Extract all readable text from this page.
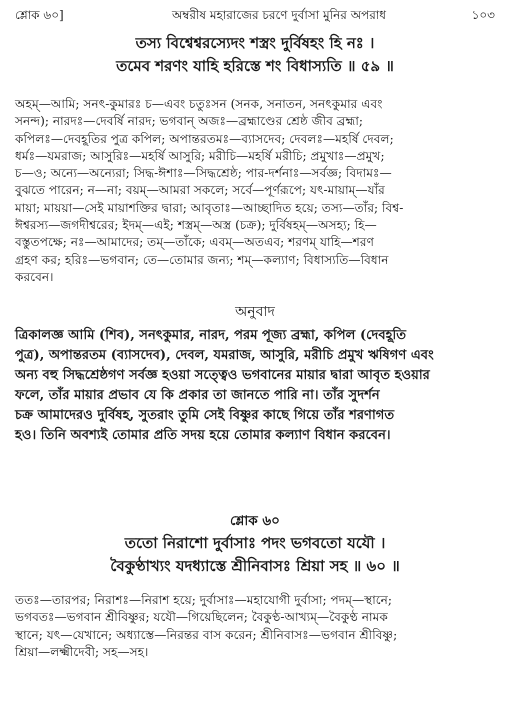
শ্লোক ৬০]	অম্বরীষ মহারাজের চরণে দুর্বাসা মুনির অপরাধ	১০৩
তস্য বিশ্বেশ্বরস্যেদং শস্ত্রং দুর্বিষহং হি নঃ ।
তমেব শরণং যাহি হরিস্তে শং বিধাস্যতি ॥ ৫৯ ॥
অহম্—আমি; সনৎ-কুমারঃ চ—এবং চতুঃসন (সনক, সনাতন, সনৎকুমার এবং
সনন্দ); নারদঃ—দেবর্ষি নারদ; ভগবান্ অজঃ—ব্রহ্মাণ্ডের শ্রেষ্ঠ জীব ব্রহ্মা;
কপিলঃ—দেবহূতির পুত্র কপিল; অপান্তরতমঃ—ব্যাসদেব; দেবলঃ—মহর্ষি দেবল;
ধর্মঃ—যমরাজ; আসুরিঃ—মহর্ষি আসুরি; মরীচি—মহর্ষি মরীচি; প্রমুখাঃ—প্রমুখ;
চ—ও; অন্যে—অন্যেরা; সিদ্ধ-ঈশাঃ—সিদ্ধশ্রেষ্ঠ; পার-দর্শনাঃ—সর্বজ্ঞ; বিদামঃ—
বুঝতে পারেন; ন—না; বয়ম্—আমরা সকলে; সর্বে—পূর্ণরূপে; যৎ-মায়াম্—যাঁর
মায়া; মায়য়া—সেই মায়াশক্তির দ্বারা; আবৃতাঃ—আচ্ছাদিত হয়ে; তস্য—তাঁর; বিশ্ব-
ঈশ্বরস্য—জগদীশ্বরের; ইদম্—এই; শস্ত্রম্—অস্ত্র (চক্র); দুর্বিষহম্—অসহ্য; হি—
বস্তুতপক্ষে; নঃ—আমাদের; তম্—তাঁকে; এবম্—অতএব; শরণম্ যাহি—শরণ
গ্রহণ কর; হরিঃ—ভগবান; তে—তোমার জন্য; শম্—কল্যাণ; বিধাস্যতি—বিধান
করবেন।
অনুবাদ
ত্রিকালজ্ঞ আমি (শিব), সনৎকুমার, নারদ, পরম পূজ্য ব্রহ্মা, কপিল (দেবহূতি
পুত্র), অপান্তরতম (ব্যাসদেব), দেবল, যমরাজ, আসুরি, মরীচি প্রমুখ ঋষিগণ এবং
অন্য বহু সিদ্ধশ্রেষ্ঠগণ সর্বজ্ঞ হওয়া সত্ত্বেও ভগবানের মায়ার দ্বারা আবৃত হওয়ার
ফলে, তাঁর মায়ার প্রভাব যে কি প্রকার তা জানতে পারি না। তাঁর সুদর্শন
চক্র আমাদেরও দুর্বিষহ, সুতরাং তুমি সেই বিষ্ণুর কাছে গিয়ে তাঁর শরণাগত
হও। তিনি অবশ্যই তোমার প্রতি সদয় হয়ে তোমার কল্যাণ বিধান করবেন।
শ্লোক ৬০
ততো নিরাশো দুর্বাসাঃ পদং ভগবতো যযৌ ।
বৈকুণ্ঠাখ্যং যদধ্যাস্তে শ্রীনিবাসঃ শ্রিয়া সহ ॥ ৬০ ॥
ততঃ—তারপর; নিরাশঃ—নিরাশ হয়ে; দুর্বাসাঃ—মহাযোগী দুর্বাসা; পদম্—স্থানে;
ভগবতঃ—ভগবান শ্রীবিষ্ণুর; যযৌ—গিয়েছিলেন; বৈকুণ্ঠ-আখ্যম্—বৈকুণ্ঠ নামক
স্থানে; যৎ—যেখানে; অধ্যাস্তে—নিরন্তর বাস করেন; শ্রীনিবাসঃ—ভগবান শ্রীবিষ্ণু;
শ্রিয়া—লক্ষ্মীদেবী; সহ—সহ।
